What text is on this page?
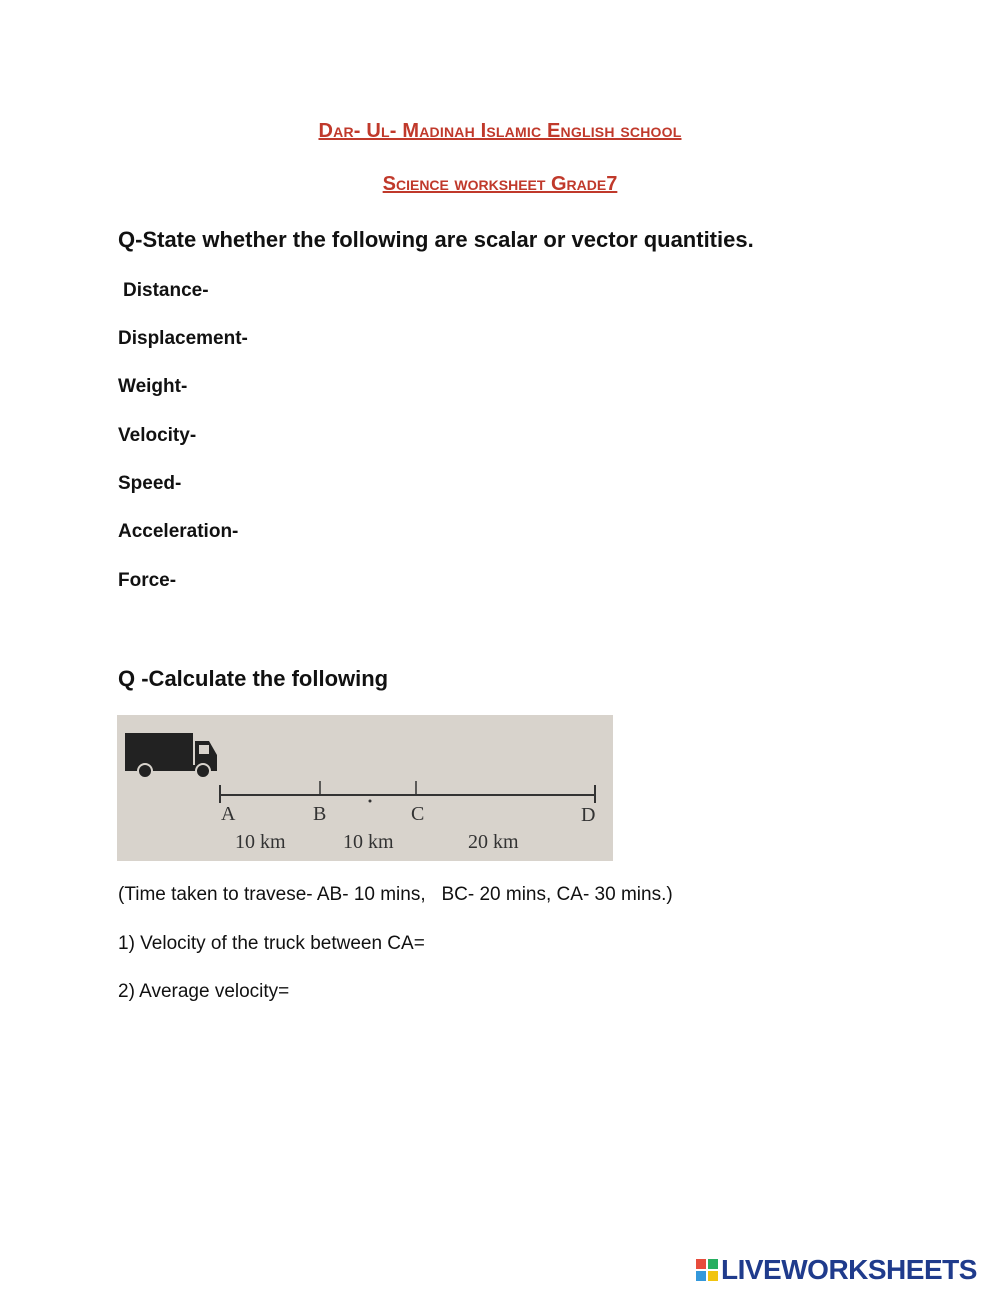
Dar- Ul- Madinah Islamic English school
Science worksheet Grade7
Q-State whether the following are scalar or vector quantities.
Distance-
Displacement-
Weight-
Velocity-
Speed-
Acceleration-
Force-
Q -Calculate the following
A	B	C	D
10 km	10 km	20 km
(Time taken to travese- AB- 10 mins,   BC- 20 mins, CA- 30 mins.)
1) Velocity of the truck between CA=
2) Average velocity=
LIVEWORKSHEETS
